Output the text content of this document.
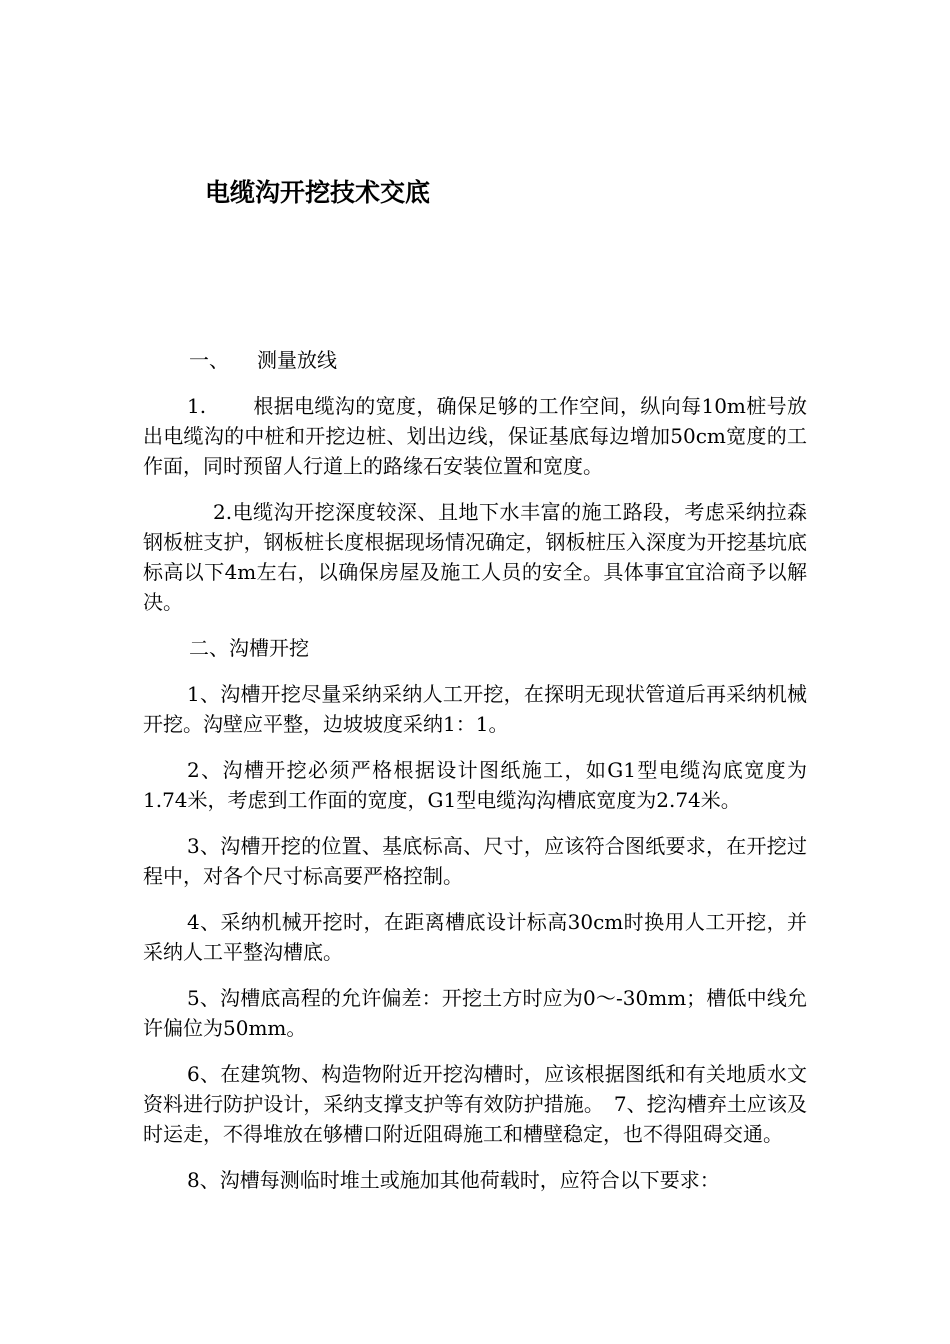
电缆沟开挖技术交底

一、 测量放线

1. 根据电缆沟的宽度，确保足够的工作空间，纵向每10m桩号放出电缆沟的中桩和开挖边桩、划出边线，保证基底每边增加50cm宽度的工作面，同时预留人行道上的路缘石安装位置和宽度。

2.电缆沟开挖深度较深、且地下水丰富的施工路段，考虑采纳拉森钢板桩支护，钢板桩长度根据现场情况确定，钢板桩压入深度为开挖基坑底标高以下4m左右，以确保房屋及施工人员的安全。具体事宜宜洽商予以解决。

二、沟槽开挖

1、沟槽开挖尽量采纳采纳人工开挖，在探明无现状管道后再采纳机械开挖。沟壁应平整，边坡坡度采纳1：1。

2、沟槽开挖必须严格根据设计图纸施工，如G1型电缆沟底宽度为1.74米，考虑到工作面的宽度，G1型电缆沟沟槽底宽度为2.74米。

3、沟槽开挖的位置、基底标高、尺寸，应该符合图纸要求，在开挖过程中，对各个尺寸标高要严格控制。

4、采纳机械开挖时，在距离槽底设计标高30cm时换用人工开挖，并采纳人工平整沟槽底。

5、沟槽底高程的允许偏差：开挖土方时应为0～-30mm；槽低中线允许偏位为50mm。

6、在建筑物、构造物附近开挖沟槽时，应该根据图纸和有关地质水文资料进行防护设计，采纳支撑支护等有效防护措施。　7、挖沟槽弃土应该及时运走，不得堆放在够槽口附近阻碍施工和槽壁稳定，也不得阻碍交通。

8、沟槽每测临时堆土或施加其他荷载时，应符合以下要求：
